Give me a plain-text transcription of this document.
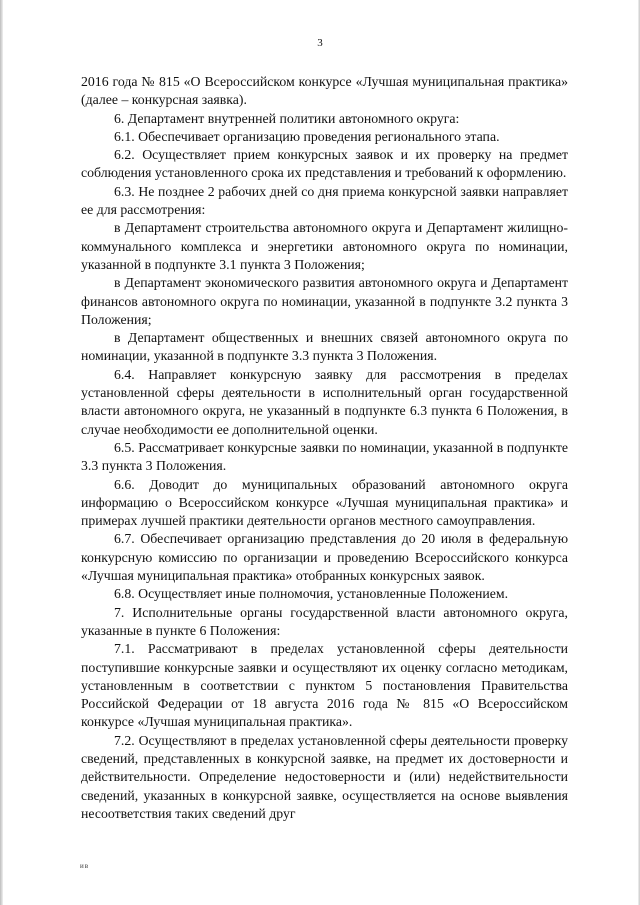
3

2016 года № 815 «О Всероссийском конкурсе «Лучшая муниципальная практика» (далее – конкурсная заявка).

6. Департамент внутренней политики автономного округа:

6.1. Обеспечивает организацию проведения регионального этапа.

6.2. Осуществляет прием конкурсных заявок и их проверку на предмет соблюдения установленного срока их представления и требований к оформлению.

6.3. Не позднее 2 рабочих дней со дня приема конкурсной заявки направляет ее для рассмотрения:

в Департамент строительства автономного округа и Департамент жилищно-коммунального комплекса и энергетики автономного округа по номинации, указанной в подпункте 3.1 пункта 3 Положения;

в Департамент экономического развития автономного округа и Департамент финансов автономного округа по номинации, указанной в подпункте 3.2 пункта 3 Положения;

в Департамент общественных и внешних связей автономного округа по номинации, указанной в подпункте 3.3 пункта 3 Положения.

6.4. Направляет конкурсную заявку для рассмотрения в пределах установленной сферы деятельности в исполнительный орган государственной власти автономного округа, не указанный в подпункте 6.3 пункта 6 Положения, в случае необходимости ее дополнительной оценки.

6.5. Рассматривает конкурсные заявки по номинации, указанной в подпункте 3.3 пункта 3 Положения.

6.6. Доводит до муниципальных образований автономного округа информацию о Всероссийском конкурсе «Лучшая муниципальная практика» и примерах лучшей практики деятельности органов местного самоуправления.

6.7. Обеспечивает организацию представления до 20 июля в федеральную конкурсную комиссию по организации и проведению Всероссийского конкурса «Лучшая муниципальная практика» отобранных конкурсных заявок.

6.8. Осуществляет иные полномочия, установленные Положением.

7. Исполнительные органы государственной власти автономного округа, указанные в пункте 6 Положения:

7.1. Рассматривают в пределах установленной сферы деятельности поступившие конкурсные заявки и осуществляют их оценку согласно методикам, установленным в соответствии с пунктом 5 постановления Правительства Российской Федерации от 18 августа 2016 года № 815 «О Всероссийском конкурсе «Лучшая муниципальная практика».

7.2. Осуществляют в пределах установленной сферы деятельности проверку сведений, представленных в конкурсной заявке, на предмет их достоверности и действительности. Определение недостоверности и (или) недействительности сведений, указанных в конкурсной заявке, осуществляется на основе выявления несоответствия таких сведений друг

ив
